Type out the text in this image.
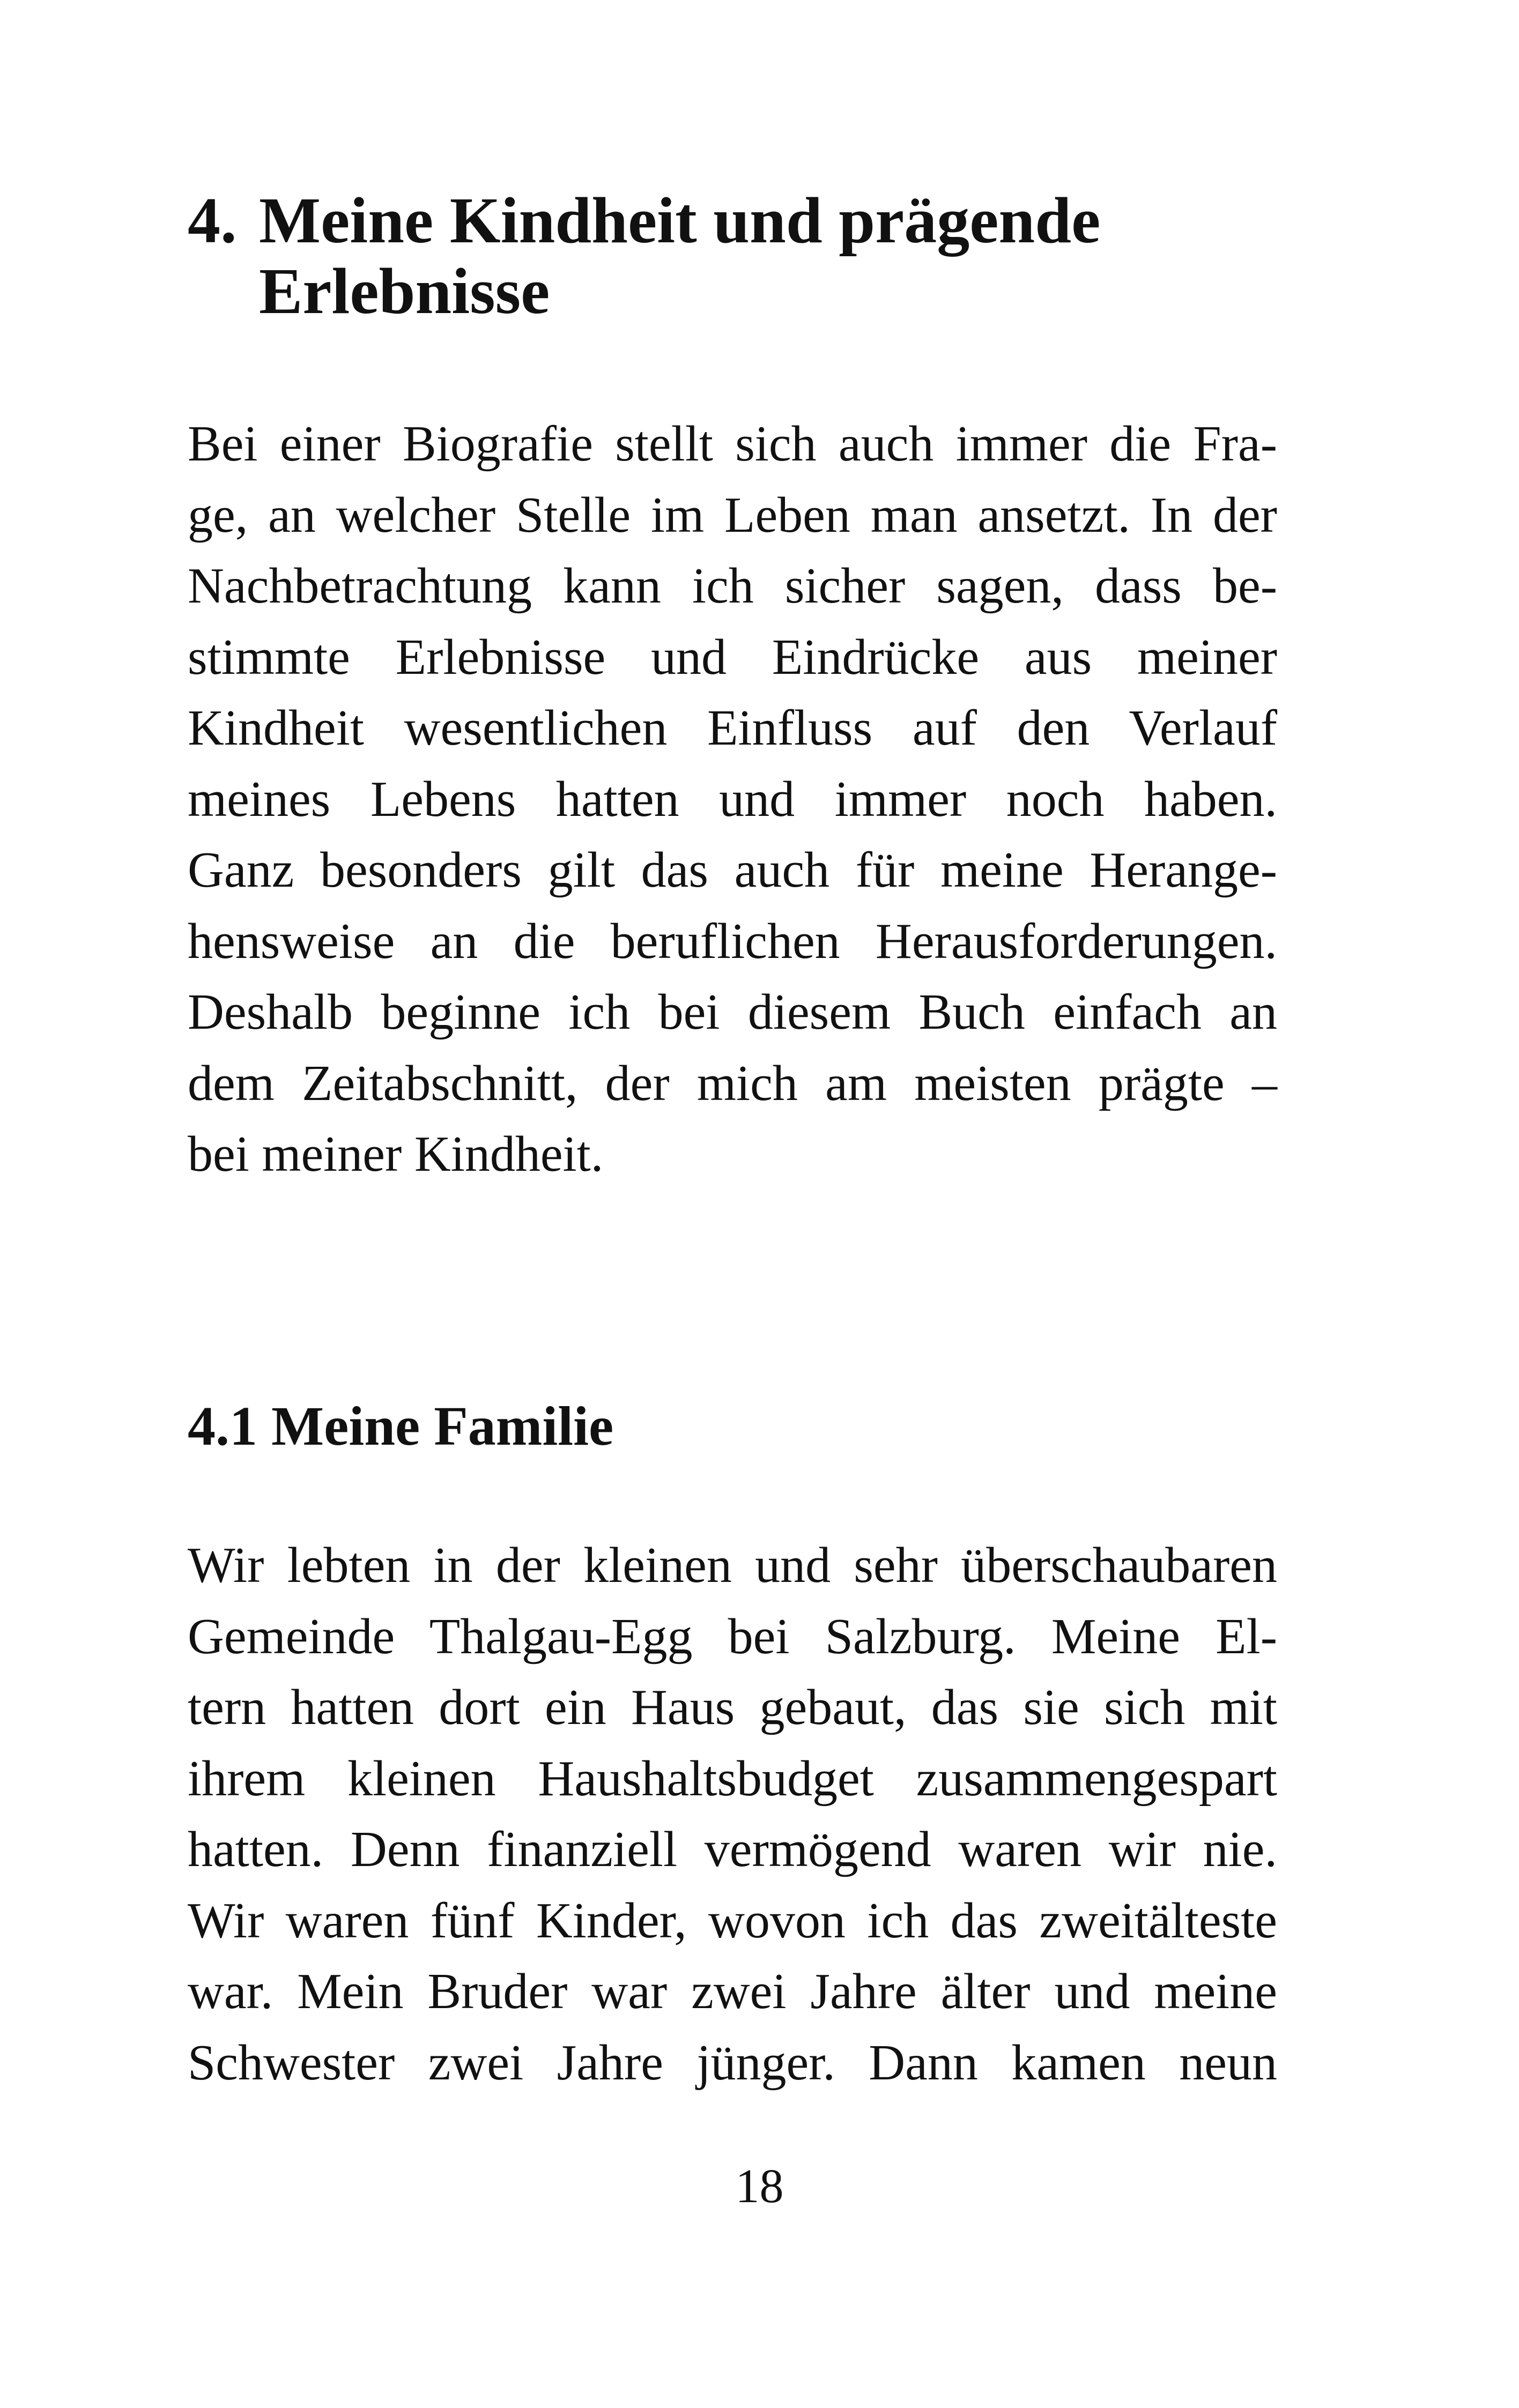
4. Meine Kindheit und prägende
Erlebnisse
Bei einer Biografie stellt sich auch immer die Fra-
ge, an welcher Stelle im Leben man ansetzt. In der
Nachbetrachtung kann ich sicher sagen, dass be-
stimmte Erlebnisse und Eindrücke aus meiner
Kindheit wesentlichen Einfluss auf den Verlauf
meines Lebens hatten und immer noch haben.
Ganz besonders gilt das auch für meine Herange-
hensweise an die beruflichen Herausforderungen.
Deshalb beginne ich bei diesem Buch einfach an
dem Zeitabschnitt, der mich am meisten prägte –
bei meiner Kindheit.
4.1 Meine Familie
Wir lebten in der kleinen und sehr überschaubaren
Gemeinde Thalgau-Egg bei Salzburg. Meine El-
tern hatten dort ein Haus gebaut, das sie sich mit
ihrem kleinen Haushaltsbudget zusammengespart
hatten. Denn finanziell vermögend waren wir nie.
Wir waren fünf Kinder, wovon ich das zweitälteste
war. Mein Bruder war zwei Jahre älter und meine
Schwester zwei Jahre jünger. Dann kamen neun
18
